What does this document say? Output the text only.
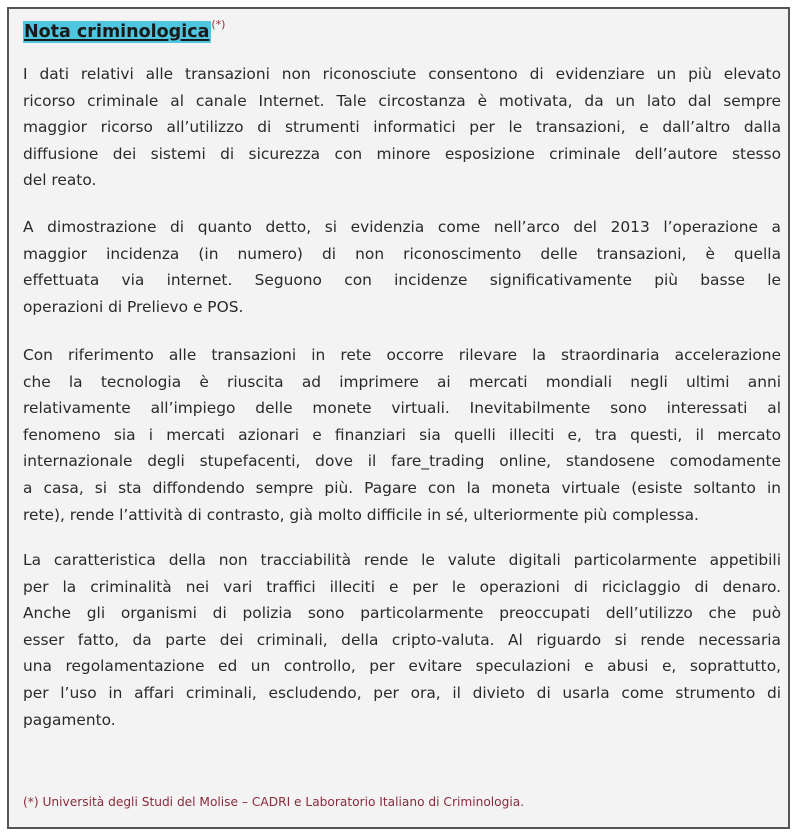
Nota criminologica (*)
I dati relativi alle transazioni non riconosciute consentono di evidenziare un più elevato
ricorso criminale al canale Internet. Tale circostanza è motivata, da un lato dal sempre
maggior ricorso all’utilizzo di strumenti informatici per le transazioni, e dall’altro dalla
diffusione dei sistemi di sicurezza con minore esposizione criminale dell’autore stesso
del reato.
A dimostrazione di quanto detto, si evidenzia come nell’arco del 2013 l’operazione a
maggior incidenza (in numero) di non riconoscimento delle transazioni, è quella
effettuata via internet. Seguono con incidenze significativamente più basse le
operazioni di Prelievo e POS.
Con riferimento alle transazioni in rete occorre rilevare la straordinaria accelerazione
che la tecnologia è riuscita ad imprimere ai mercati mondiali negli ultimi anni
relativamente all’impiego delle monete virtuali. Inevitabilmente sono interessati al
fenomeno sia i mercati azionari e finanziari sia quelli illeciti e, tra questi, il mercato
internazionale degli stupefacenti, dove il fare_trading online, standosene comodamente
a casa, si sta diffondendo sempre più. Pagare con la moneta virtuale (esiste soltanto in
rete), rende l’attività di contrasto, già molto difficile in sé, ulteriormente più complessa.
La caratteristica della non tracciabilità rende le valute digitali particolarmente appetibili
per la criminalità nei vari traffici illeciti e per le operazioni di riciclaggio di denaro.
Anche gli organismi di polizia sono particolarmente preoccupati dell’utilizzo che può
esser fatto, da parte dei criminali, della cripto-valuta. Al riguardo si rende necessaria
una regolamentazione ed un controllo, per evitare speculazioni e abusi e, soprattutto,
per l’uso in affari criminali, escludendo, per ora, il divieto di usarla come strumento di
pagamento.
(*) Università degli Studi del Molise – CADRI e Laboratorio Italiano di Criminologia.
